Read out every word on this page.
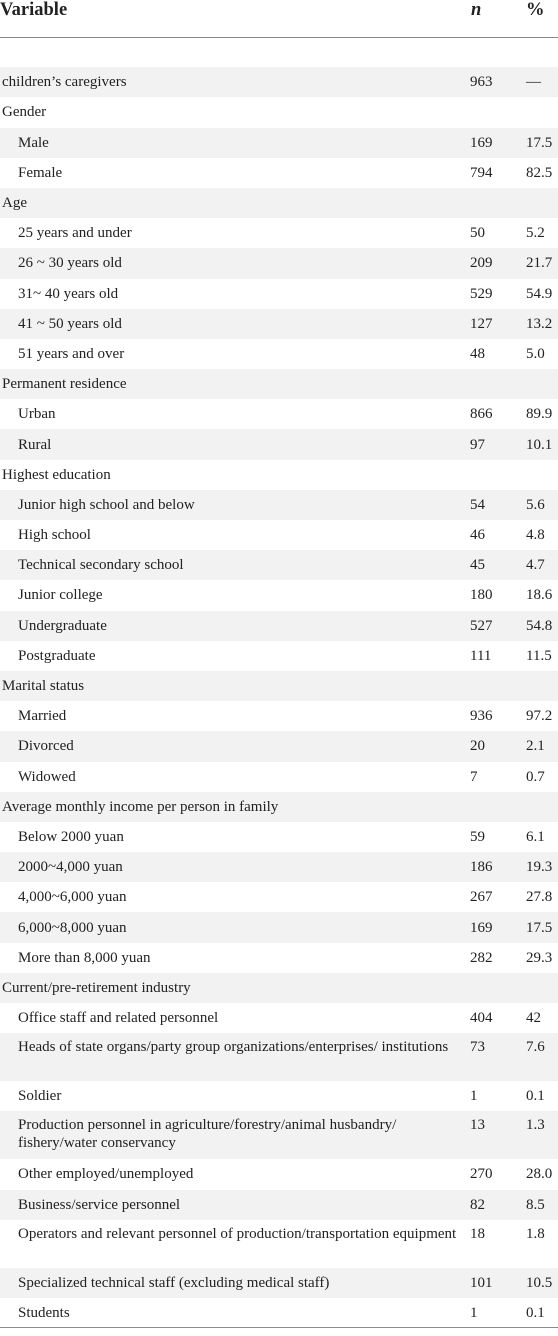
Variable	n	%

children’s caregivers	963	—
Gender		
Male	169	17.5
Female	794	82.5
Age		
25 years and under	50	5.2
26 ~ 30 years old	209	21.7
31~ 40 years old	529	54.9
41 ~ 50 years old	127	13.2
51 years and over	48	5.0
Permanent residence		
Urban	866	89.9
Rural	97	10.1
Highest education		
Junior high school and below	54	5.6
High school	46	4.8
Technical secondary school	45	4.7
Junior college	180	18.6
Undergraduate	527	54.8
Postgraduate	111	11.5
Marital status		
Married	936	97.2
Divorced	20	2.1
Widowed	7	0.7
Average monthly income per person in family		
Below 2000 yuan	59	6.1
2000~4,000 yuan	186	19.3
4,000~6,000 yuan	267	27.8
6,000~8,000 yuan	169	17.5
More than 8,000 yuan	282	29.3
Current/pre-retirement industry		
Office staff and related personnel	404	42
Heads of state organs/party group organizations/enterprises/ institutions	73	7.6
Soldier	1	0.1
Production personnel in agriculture/forestry/animal husbandry/ fishery/water conservancy	13	1.3
Other employed/unemployed	270	28.0
Business/service personnel	82	8.5
Operators and relevant personnel of production/transportation equipment	18	1.8
Specialized technical staff (excluding medical staff)	101	10.5
Students	1	0.1
